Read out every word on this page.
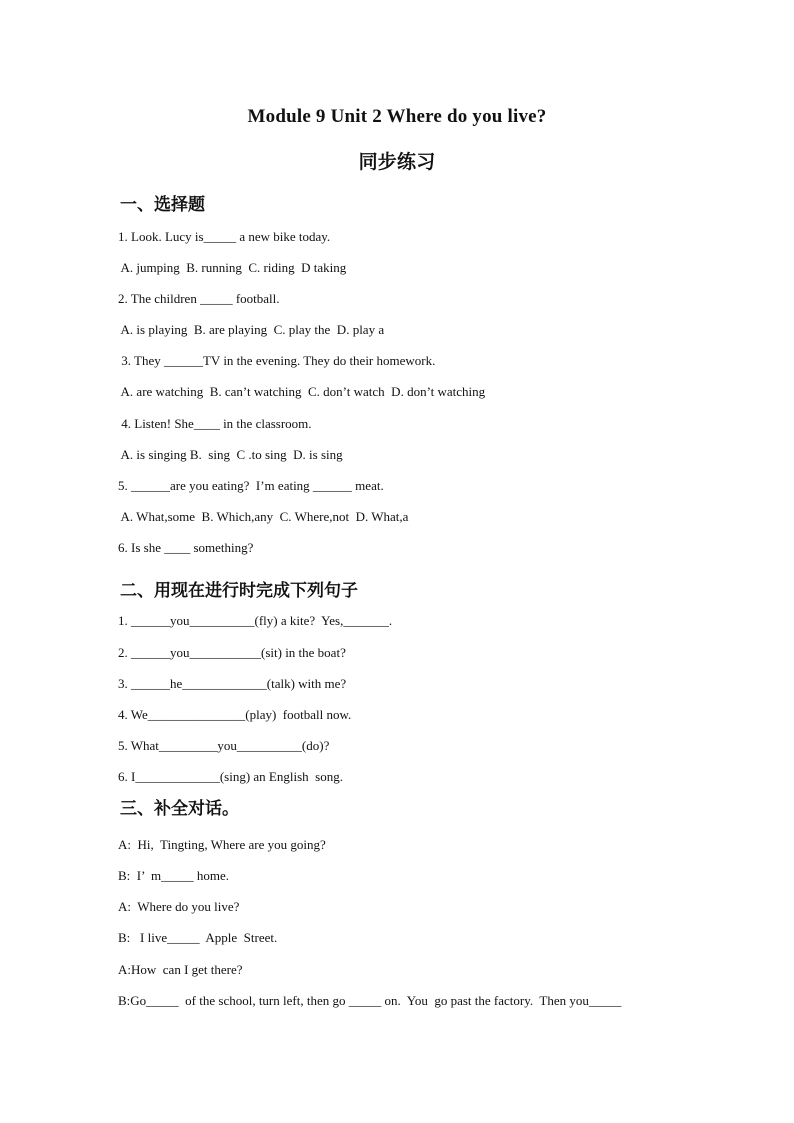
Module 9 Unit 2 Where do you live?
同步练习
一、选择题
1. Look. Lucy is_____ a new bike today.
A. jumping  B. running  C. riding  D taking
2. The children _____ football.
A. is playing  B. are playing  C. play the  D. play a
3. They ______TV in the evening. They do their homework.
A. are watching  B. can’t watching  C. don’t watch  D. don’t watching
4. Listen! She____ in the classroom.
A. is singing B.  sing  C .to sing  D. is sing
5. ______are you eating?  I’m eating ______ meat.
A. What,some  B. Which,any  C. Where,not  D. What,a
6. Is she ____ something?
二、用现在进行时完成下列句子
1. ______you__________(fly) a kite?  Yes,_______.
2. ______you___________(sit) in the boat?
3. ______he_____________(talk) with me?
4. We_______________(play)  football now.
5. What_________you__________(do)?
6. I_____________(sing) an English  song.
三、补全对话。
A:  Hi,  Tingting, Where are you going?
B:  I’  m_____ home.
A:  Where do you live?
B:   I live_____  Apple  Street.
A:How  can I get there?
B:Go_____  of the school, turn left, then go _____ on.  You  go past the factory.  Then you_____
